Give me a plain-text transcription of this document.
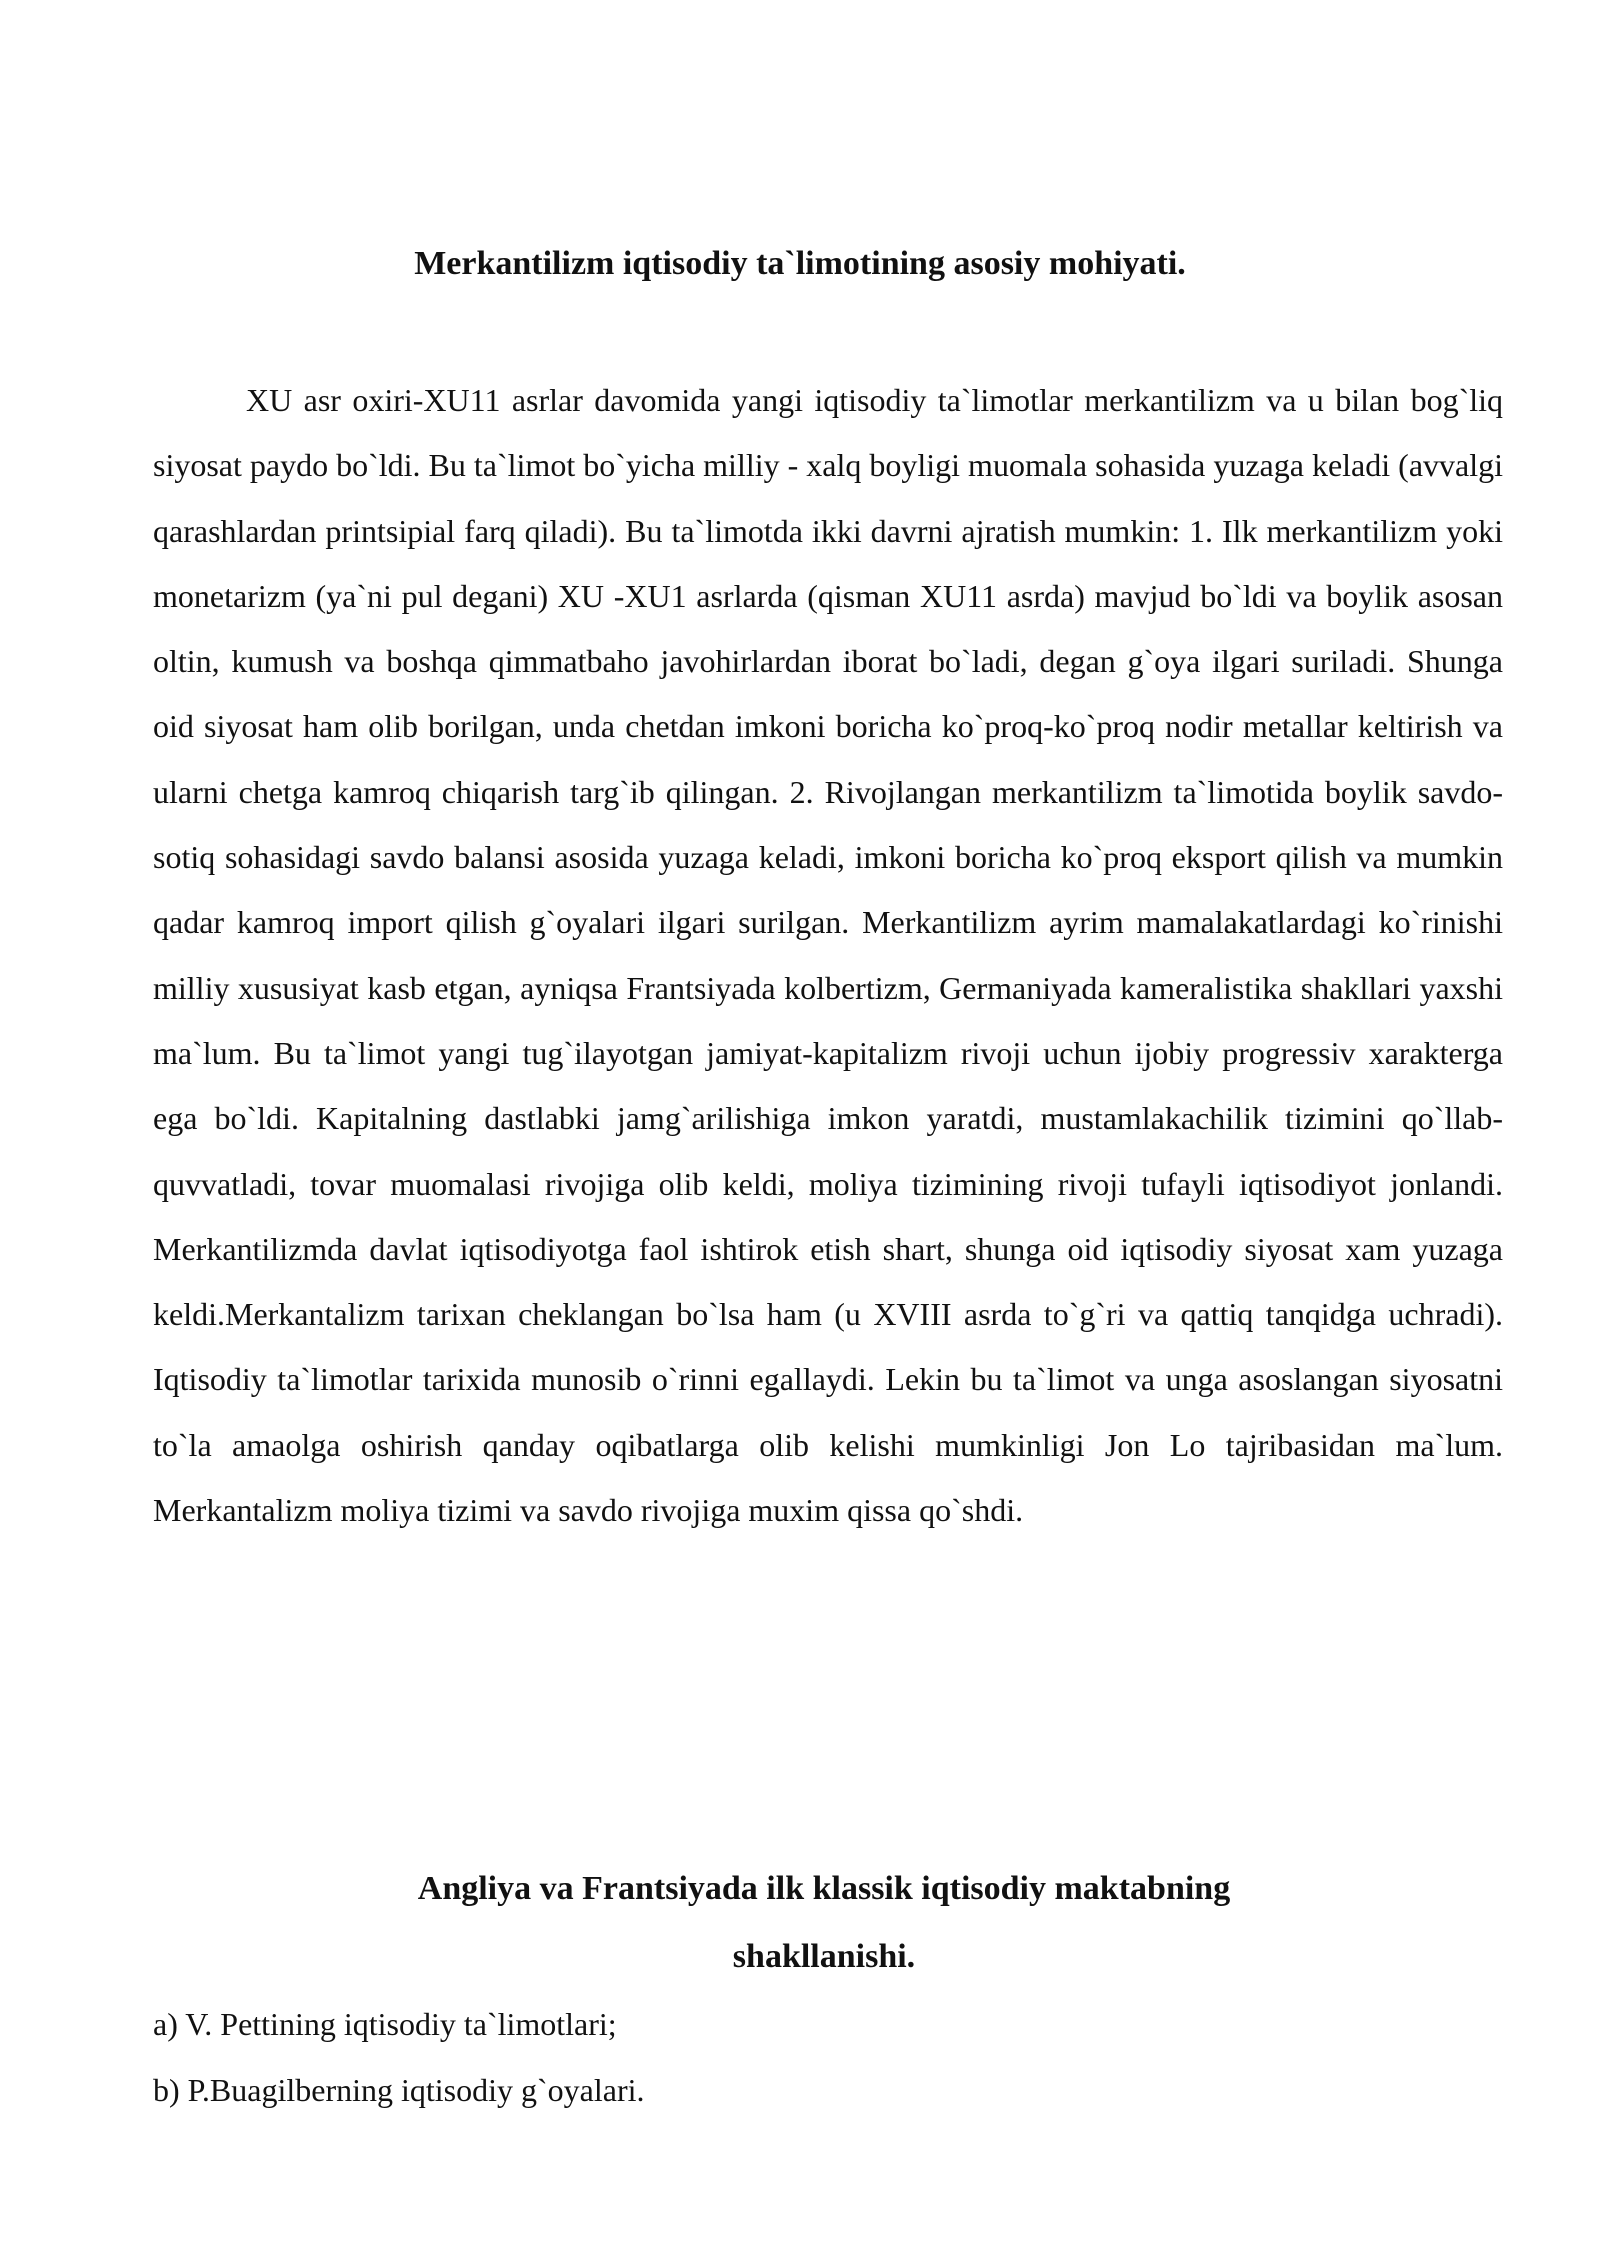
Merkantilizm iqtisodiy ta`limotining asosiy mohiyati.

XU asr oxiri-XU11 asrlar davomida yangi iqtisodiy ta`limotlar merkantilizm va u bilan bog`liq siyosat paydo bo`ldi. Bu ta`limot bo`yicha milliy - xalq boyligi muomala sohasida yuzaga keladi (avvalgi qarashlardan printsipial farq qiladi). Bu ta`limotda ikki davrni ajratish mumkin: 1. Ilk merkantilizm yoki monetarizm (ya`ni pul degani) XU -XU1 asrlarda (qisman XU11 asrda) mavjud bo`ldi va boylik asosan oltin, kumush va boshqa qimmatbaho javohirlardan iborat bo`ladi, degan g`oya ilgari suriladi. Shunga oid siyosat ham olib borilgan, unda chetdan imkoni boricha ko`proq-ko`proq nodir metallar keltirish va ularni chetga kamroq chiqarish targ`ib qilingan. 2. Rivojlangan merkantilizm ta`limotida boylik savdo-sotiq sohasidagi savdo balansi asosida yuzaga keladi, imkoni boricha ko`proq eksport qilish va mumkin qadar kamroq import qilish g`oyalari ilgari surilgan. Merkantilizm ayrim mamalakatlardagi ko`rinishi milliy xususiyat kasb etgan, ayniqsa Frantsiyada kolbertizm, Germaniyada kameralistika shakllari yaxshi ma`lum. Bu ta`limot yangi tug`ilayotgan jamiyat-kapitalizm rivoji uchun ijobiy progressiv xarakterga ega bo`ldi. Kapitalning dastlabki jamg`arilishiga imkon yaratdi, mustamlakachilik tizimini qo`llab-quvvatladi, tovar muomalasi rivojiga olib keldi, moliya tizimining rivoji tufayli iqtisodiyot jonlandi. Merkantilizmda davlat iqtisodiyotga faol ishtirok etish shart, shunga oid iqtisodiy siyosat xam yuzaga keldi.Merkantalizm tarixan cheklangan bo`lsa ham (u XVIII asrda to`g`ri va qattiq tanqidga uchradi). Iqtisodiy ta`limotlar tarixida munosib o`rinni egallaydi. Lekin bu ta`limot va unga asoslangan siyosatni to`la amaolga oshirish qanday oqibatlarga olib kelishi mumkinligi Jon Lo tajribasidan ma`lum. Merkantalizm moliya tizimi va savdo rivojiga muxim qissa qo`shdi.

Angliya va Frantsiyada ilk klassik iqtisodiy maktabning
shakllanishi.

a) V. Pettining iqtisodiy ta`limotlari;

b) P.Buagilberning iqtisodiy g`oyalari.
